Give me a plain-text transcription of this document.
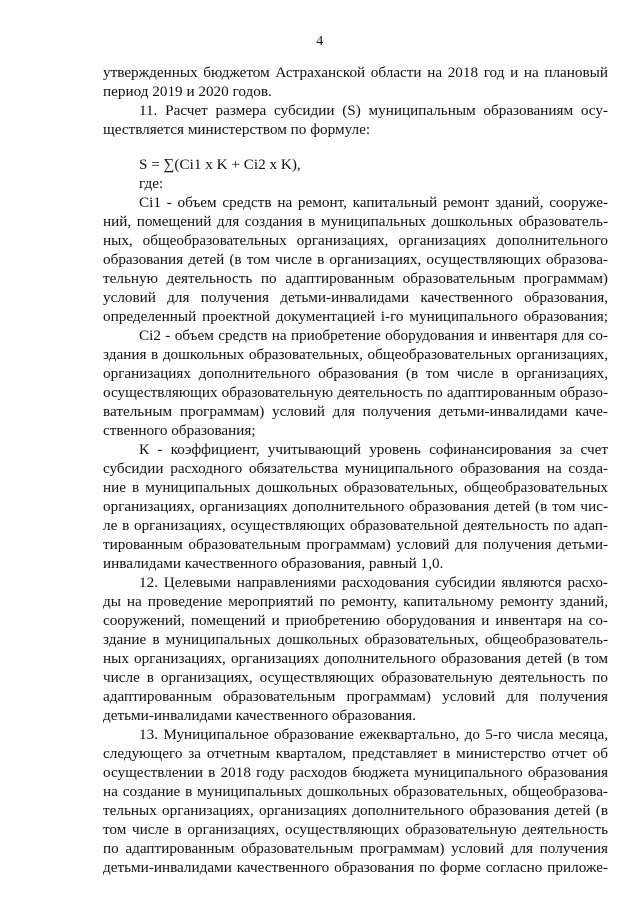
4
утвержденных бюджетом Астраханской области на 2018 год и на плановый
период 2019 и 2020 годов.
11. Расчет размера субсидии (S) муниципальным образованиям осу-
ществляется министерством по формуле:
S = ∑(Ci1 х K + Ci2 х K),
где:
Ci1 - объем средств на ремонт, капитальный ремонт зданий, сооруже-
ний, помещений для создания в муниципальных дошкольных образователь-
ных, общеобразовательных организациях, организациях дополнительного
образования детей (в том числе в организациях, осуществляющих образова-
тельную деятельность по адаптированным образовательным программам)
условий для получения детьми-инвалидами качественного образования,
определенный проектной документацией i-го муниципального образования;
Ci2 - объем средств на приобретение оборудования и инвентаря для со-
здания в дошкольных образовательных, общеобразовательных организациях,
организациях дополнительного образования (в том числе в организациях,
осуществляющих образовательную деятельность по адаптированным образо-
вательным программам) условий для получения детьми-инвалидами каче-
ственного образования;
К - коэффициент, учитывающий уровень софинансирования за счет
субсидии расходного обязательства муниципального образования на созда-
ние в муниципальных дошкольных образовательных, общеобразовательных
организациях, организациях дополнительного образования детей (в том чис-
ле в организациях, осуществляющих образовательной деятельность по адап-
тированным образовательным программам) условий для получения детьми-
инвалидами качественного образования, равный 1,0.
12. Целевыми направлениями расходования субсидии являются расхо-
ды на проведение мероприятий по ремонту, капитальному ремонту зданий,
сооружений, помещений и приобретению оборудования и инвентаря на со-
здание в муниципальных дошкольных образовательных, общеобразователь-
ных организациях, организациях дополнительного образования детей (в том
числе в организациях, осуществляющих образовательную деятельность по
адаптированным образовательным программам) условий для получения
детьми-инвалидами качественного образования.
13. Муниципальное образование ежеквартально, до 5-го числа месяца,
следующего за отчетным кварталом, представляет в министерство отчет об
осуществлении в 2018 году расходов бюджета муниципального образования
на создание в муниципальных дошкольных образовательных, общеобразова-
тельных организациях, организациях дополнительного образования детей (в
том числе в организациях, осуществляющих образовательную деятельность
по адаптированным образовательным программам) условий для получения
детьми-инвалидами качественного образования по форме согласно приложе-
